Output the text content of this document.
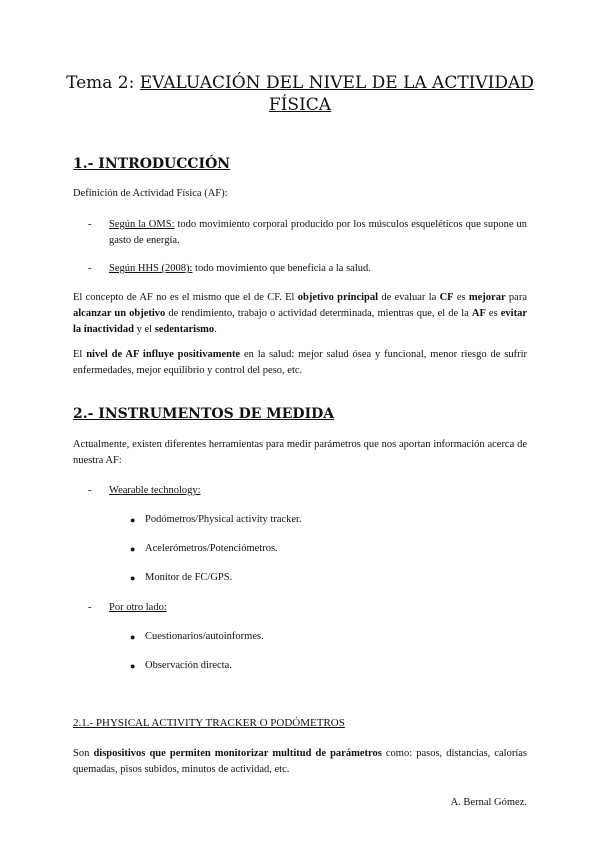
Tema 2: EVALUACIÓN DEL NIVEL DE LA ACTIVIDAD FÍSICA
1.- INTRODUCCIÓN
Definición de Actividad Física (AF):
- Según la OMS: todo movimiento corporal producido por los músculos esqueléticos que supone un gasto de energía.
- Según HHS (2008): todo movimiento que beneficia a la salud.
El concepto de AF no es el mismo que el de CF. El objetivo principal de evaluar la CF es mejorar para alcanzar un objetivo de rendimiento, trabajo o actividad determinada, mientras que, el de la AF es evitar la inactividad y el sedentarismo.
El nivel de AF influye positivamente en la salud: mejor salud ósea y funcional, menor riesgo de sufrir enfermedades, mejor equilibrio y control del peso, etc.
2.- INSTRUMENTOS DE MEDIDA
Actualmente, existen diferentes herramientas para medir parámetros que nos aportan información acerca de nuestra AF:
- Wearable technology:
● Podómetros/Physical activity tracker.
● Acelerómetros/Potenciómetros.
● Monitor de FC/GPS.
- Por otro lado:
● Cuestionarios/autoinformes.
● Observación directa.
2.1.- PHYSICAL ACTIVITY TRACKER O PODÓMETROS
Son dispositivos que permiten monitorizar multitud de parámetros como: pasos, distancias, calorías quemadas, pisos subidos, minutos de actividad, etc.
A. Bernal Gómez.
